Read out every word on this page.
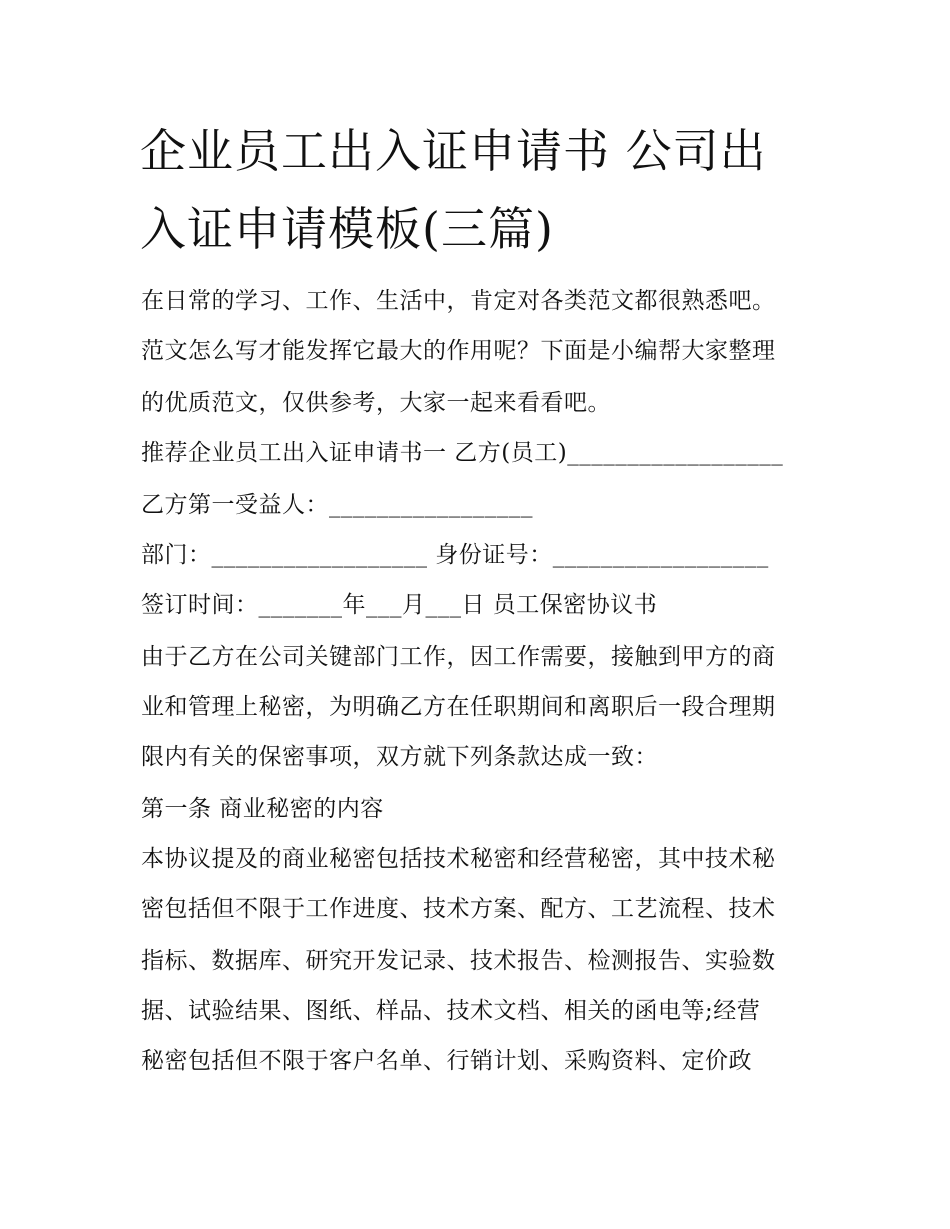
企业员工出入证申请书 公司出
入证申请模板(三篇)
在日常的学习、工作、生活中，肯定对各类范文都很熟悉吧。
范文怎么写才能发挥它最大的作用呢？下面是小编帮大家整理
的优质范文，仅供参考，大家一起来看看吧。
推荐企业员工出入证申请书一 乙方(员工)__________________
乙方第一受益人：_________________
部门：__________________ 身份证号：__________________
签订时间：_______年___月___日 员工保密协议书
由于乙方在公司关键部门工作，因工作需要，接触到甲方的商
业和管理上秘密，为明确乙方在任职期间和离职后一段合理期
限内有关的保密事项，双方就下列条款达成一致：
第一条 商业秘密的内容
本协议提及的商业秘密包括技术秘密和经营秘密，其中技术秘
密包括但不限于工作进度、技术方案、配方、工艺流程、技术
指标、数据库、研究开发记录、技术报告、检测报告、实验数
据、试验结果、图纸、样品、技术文档、相关的函电等;经营
秘密包括但不限于客户名单、行销计划、采购资料、定价政
